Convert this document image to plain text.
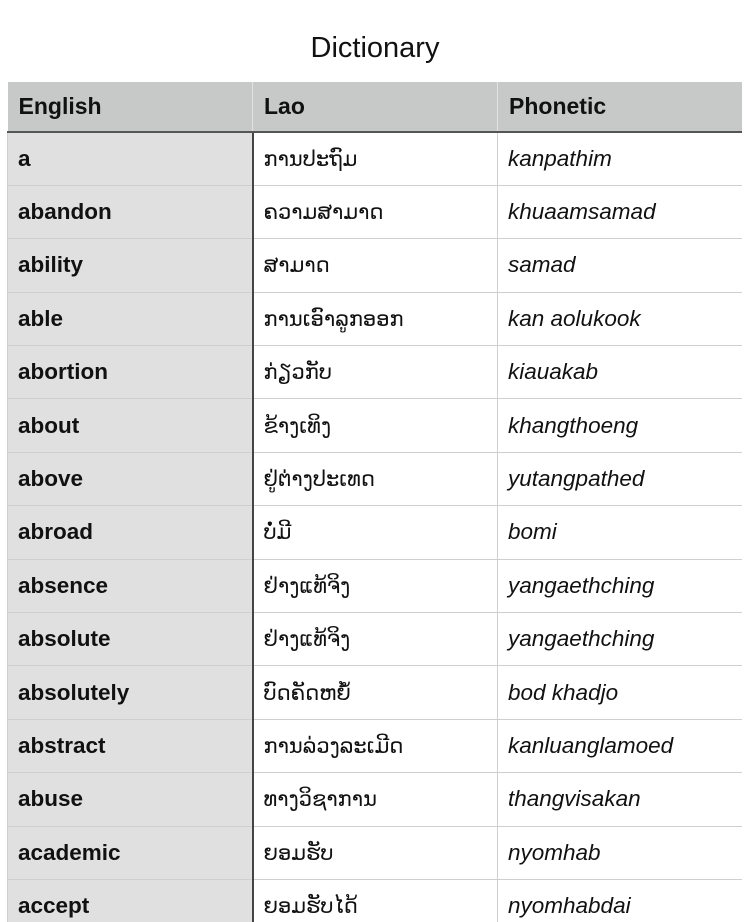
Dictionary
English	Lao	Phonetic
a	ການປະຖົມ	kanpathim
abandon	ຄວາມສາມາດ	khuaamsamad
ability	ສາມາດ	samad
able	ການເອົາລູກອອກ	kan aolukook
abortion	ກ່ຽວກັບ	kiauakab
about	ຂ້າງເທິງ	khangthoeng
above	ຢູ່ຕ່າງປະເທດ	yutangpathed
abroad	ບໍ່ມີ	bomi
absence	ຢ່າງແທ້ຈິງ	yangaethching
absolute	ຢ່າງແທ້ຈິງ	yangaethching
absolutely	ບົດຄັດຫຍໍ້	bod khadjo
abstract	ການລ່ວງລະເມີດ	kanluanglamoed
abuse	ທາງວິຊາການ	thangvisakan
academic	ຍອມຮັບ	nyomhab
accept	ຍອມຮັບໄດ້	nyomhabdai
